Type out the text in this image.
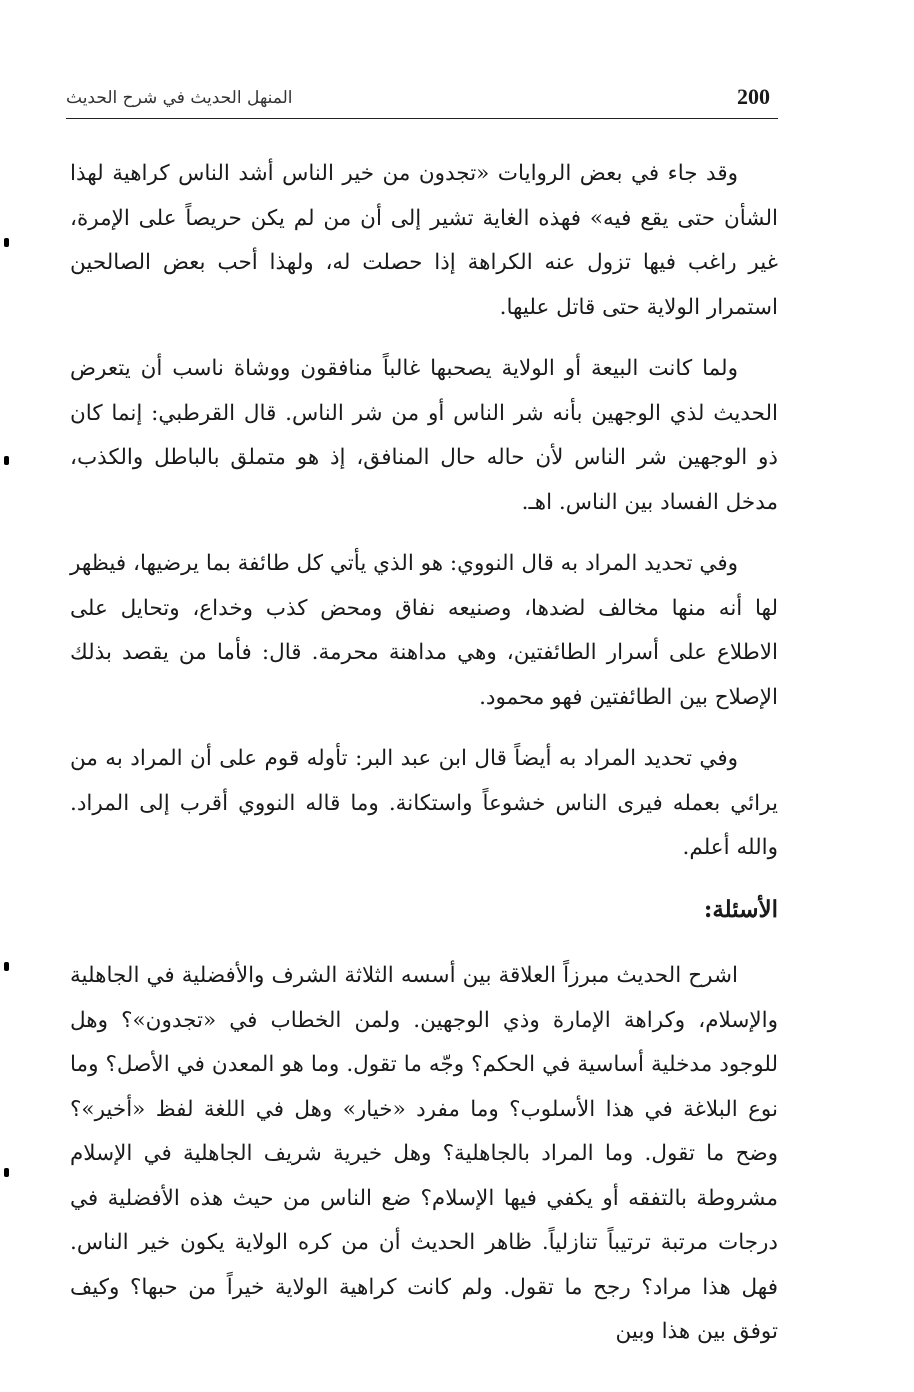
200
المنهل الحديث في شرح الحديث

وقد جاء في بعض الروايات «تجدون من خير الناس أشد الناس كراهية لهذا الشأن حتى يقع فيه» فهذه الغاية تشير إلى أن من لم يكن حريصاً على الإمرة، غير راغب فيها تزول عنه الكراهة إذا حصلت له، ولهذا أحب بعض الصالحين استمرار الولاية حتى قاتل عليها.

ولما كانت البيعة أو الولاية يصحبها غالباً منافقون ووشاة ناسب أن يتعرض الحديث لذي الوجهين بأنه شر الناس أو من شر الناس. قال القرطبي: إنما كان ذو الوجهين شر الناس لأن حاله حال المنافق، إذ هو متملق بالباطل والكذب، مدخل الفساد بين الناس. اهـ.

وفي تحديد المراد به قال النووي: هو الذي يأتي كل طائفة بما يرضيها، فيظهر لها أنه منها مخالف لضدها، وصنيعه نفاق ومحض كذب وخداع، وتحايل على الاطلاع على أسرار الطائفتين، وهي مداهنة محرمة. قال: فأما من يقصد بذلك الإصلاح بين الطائفتين فهو محمود.

وفي تحديد المراد به أيضاً قال ابن عبد البر: تأوله قوم على أن المراد به من يرائي بعمله فيرى الناس خشوعاً واستكانة. وما قاله النووي أقرب إلى المراد. والله أعلم.

الأسئلة:

اشرح الحديث مبرزاً العلاقة بين أسسه الثلاثة الشرف والأفضلية في الجاهلية والإسلام، وكراهة الإمارة وذي الوجهين. ولمن الخطاب في «تجدون»؟ وهل للوجود مدخلية أساسية في الحكم؟ وجّه ما تقول. وما هو المعدن في الأصل؟ وما نوع البلاغة في هذا الأسلوب؟ وما مفرد «خيار» وهل في اللغة لفظ «أخير»؟ وضح ما تقول. وما المراد بالجاهلية؟ وهل خيرية شريف الجاهلية في الإسلام مشروطة بالتفقه أو يكفي فيها الإسلام؟ ضع الناس من حيث هذه الأفضلية في درجات مرتبة ترتيباً تنازلياً. ظاهر الحديث أن من كره الولاية يكون خير الناس. فهل هذا مراد؟ رجح ما تقول. ولم كانت كراهية الولاية خيراً من حبها؟ وكيف توفق بين هذا وبين
